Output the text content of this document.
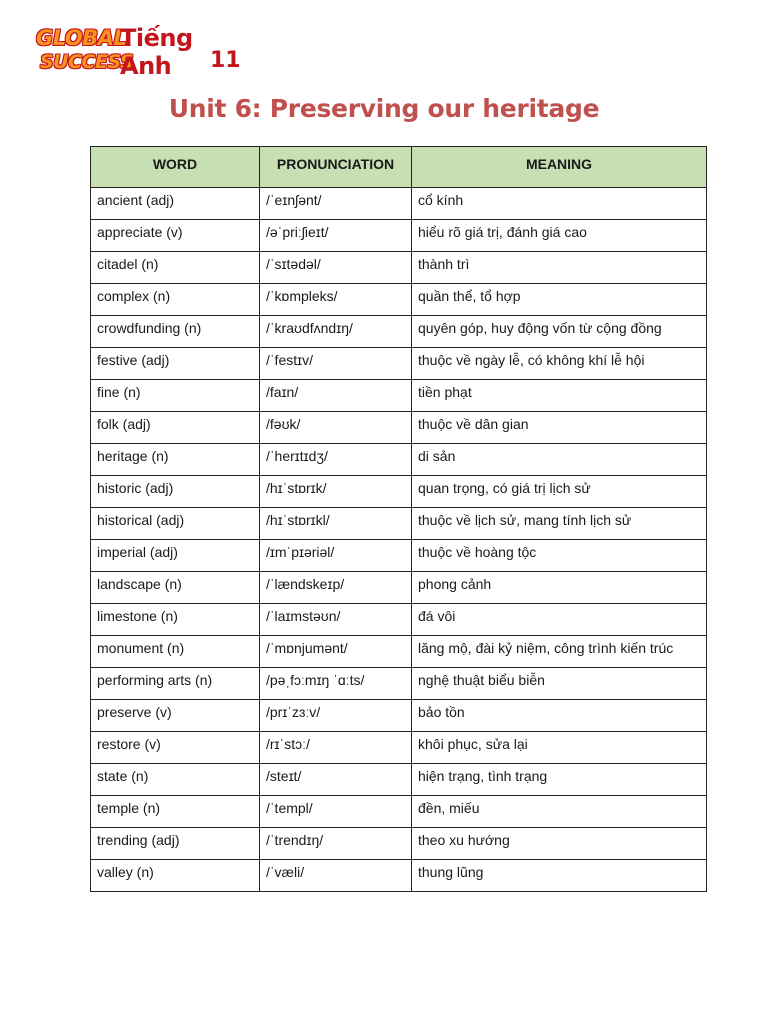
GLOBAL
SUCCESS
Tiếng Anh	11
Unit 6: Preserving our heritage
WORD	PRONUNCIATION	MEANING
ancient (adj)	/ˈeɪnʃənt/	cổ kính
appreciate (v)	/əˈpriːʃieɪt/	hiểu rõ giá trị, đánh giá cao
citadel (n)	/ˈsɪtədəl/	thành trì
complex (n)	/ˈkɒmpleks/	quần thể, tổ hợp
crowdfunding (n)	/ˈkraʊdfʌndɪŋ/	quyên góp, huy động vốn từ cộng đồng
festive (adj)	/ˈfestɪv/	thuộc về ngày lễ, có không khí lễ hội
fine (n)	/faɪn/	tiền phạt
folk (adj)	/fəʊk/	thuộc về dân gian
heritage (n)	/ˈherɪtɪdʒ/	di sản
historic (adj)	/hɪˈstɒrɪk/	quan trọng, có giá trị lịch sử
historical (adj)	/hɪˈstɒrɪkl/	thuộc về lịch sử, mang tính lịch sử
imperial (adj)	/ɪmˈpɪəriəl/	thuộc về hoàng tộc
landscape (n)	/ˈlændskeɪp/	phong cảnh
limestone (n)	/ˈlaɪmstəʊn/	đá vôi
monument (n)	/ˈmɒnjumənt/	lăng mộ, đài kỷ niệm, công trình kiến trúc
performing arts (n)	/pəˌfɔːmɪŋ ˈɑːts/	nghệ thuật biểu biễn
preserve (v)	/prɪˈzɜːv/	bảo tồn
restore (v)	/rɪˈstɔː/	khôi phục, sửa lại
state (n)	/steɪt/	hiện trạng, tình trạng
temple (n)	/ˈtempl/	đền, miếu
trending (adj)	/ˈtrendɪŋ/	theo xu hướng
valley (n)	/ˈvæli/	thung lũng
